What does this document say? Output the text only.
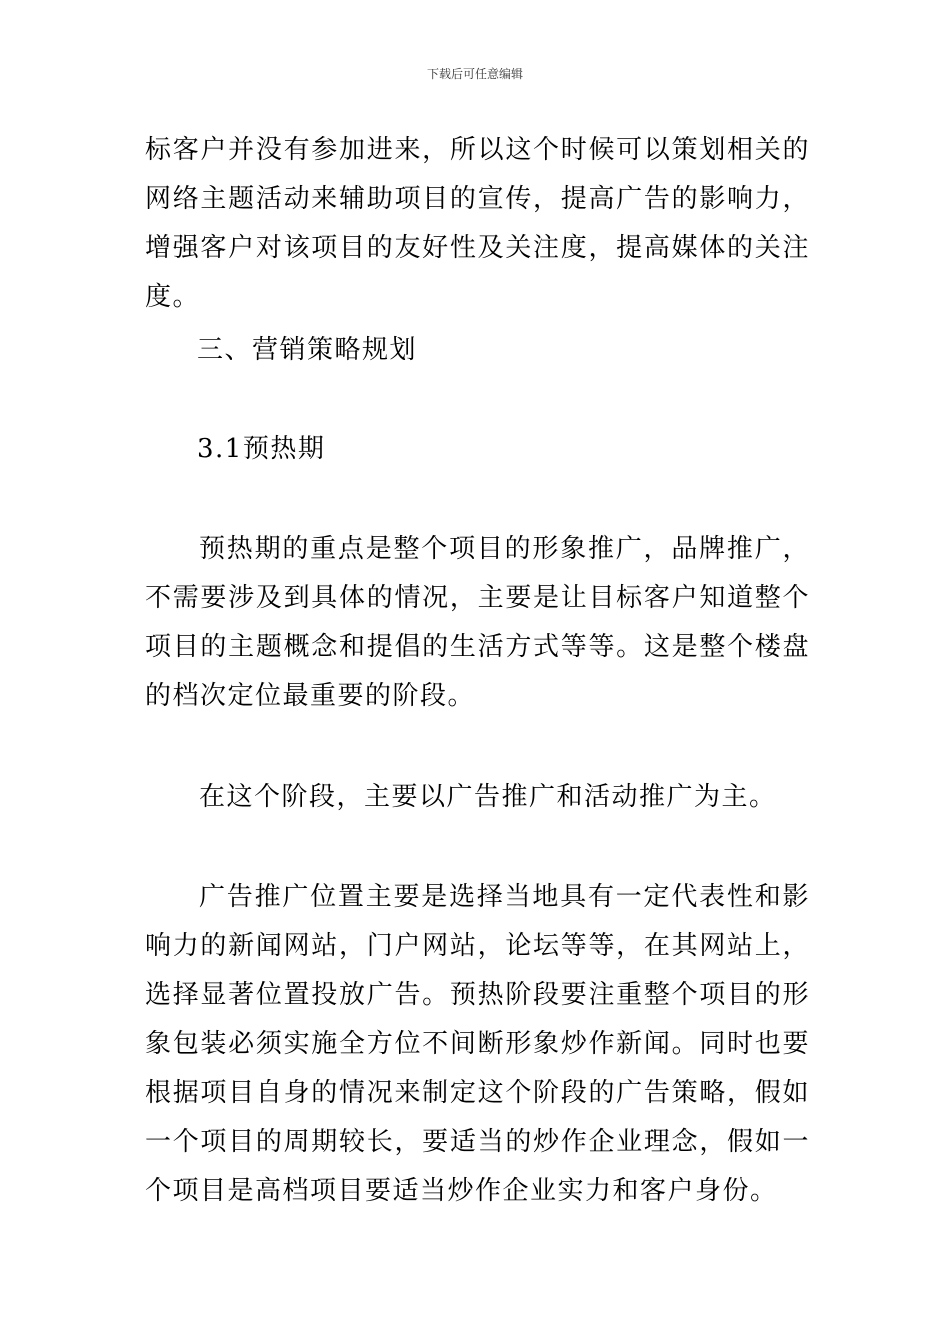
下载后可任意编辑

标客户并没有参加进来，所以这个时候可以策划相关的网络主题活动来辅助项目的宣传，提高广告的影响力，增强客户对该项目的友好性及关注度，提高媒体的关注度。

三、营销策略规划

3.1预热期

预热期的重点是整个项目的形象推广，品牌推广，不需要涉及到具体的情况，主要是让目标客户知道整个项目的主题概念和提倡的生活方式等等。这是整个楼盘的档次定位最重要的阶段。

在这个阶段，主要以广告推广和活动推广为主。

广告推广位置主要是选择当地具有一定代表性和影响力的新闻网站，门户网站，论坛等等，在其网站上，选择显著位置投放广告。预热阶段要注重整个项目的形象包装必须实施全方位不间断形象炒作新闻。同时也要根据项目自身的情况来制定这个阶段的广告策略，假如一个项目的周期较长，要适当的炒作企业理念，假如一个项目是高档项目要适当炒作企业实力和客户身份。
